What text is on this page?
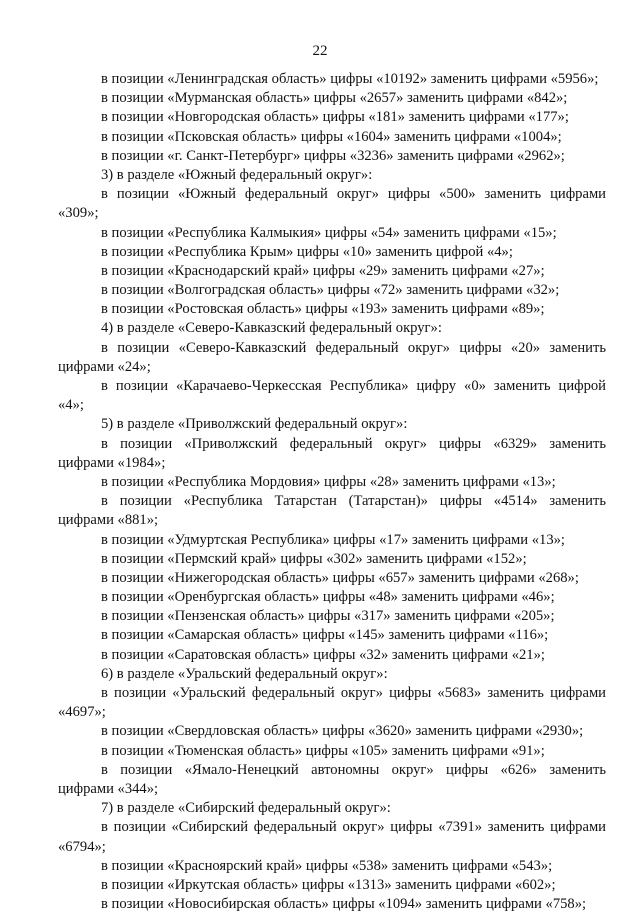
22
в позиции «Ленинградская область» цифры «10192» заменить цифрами «5956»;
в позиции «Мурманская область» цифры «2657» заменить цифрами «842»;
в позиции «Новгородская область» цифры «181» заменить цифрами «177»;
в позиции «Псковская область» цифры «1604» заменить цифрами «1004»;
в позиции «г. Санкт-Петербург» цифры «3236» заменить цифрами «2962»;
3) в разделе «Южный федеральный округ»:
в позиции «Южный федеральный округ» цифры «500» заменить цифрами
«309»;
в позиции «Республика Калмыкия» цифры «54» заменить цифрами «15»;
в позиции «Республика Крым» цифры «10» заменить цифрой «4»;
в позиции «Краснодарский край» цифры «29» заменить цифрами «27»;
в позиции «Волгоградская область» цифры «72» заменить цифрами «32»;
в позиции «Ростовская область» цифры «193» заменить цифрами «89»;
4) в разделе «Северо-Кавказский федеральный округ»:
в позиции «Северо-Кавказский федеральный округ» цифры «20» заменить
цифрами «24»;
в позиции «Карачаево-Черкесская Республика» цифру «0» заменить цифрой
«4»;
5) в разделе «Приволжский федеральный округ»:
в позиции «Приволжский федеральный округ» цифры «6329» заменить
цифрами «1984»;
в позиции «Республика Мордовия» цифры «28» заменить цифрами «13»;
в позиции «Республика Татарстан (Татарстан)» цифры «4514» заменить
цифрами «881»;
в позиции «Удмуртская Республика» цифры «17» заменить цифрами «13»;
в позиции «Пермский край» цифры «302» заменить цифрами «152»;
в позиции «Нижегородская область» цифры «657» заменить цифрами «268»;
в позиции «Оренбургская область» цифры «48» заменить цифрами «46»;
в позиции «Пензенская область» цифры «317» заменить цифрами «205»;
в позиции «Самарская область» цифры «145» заменить цифрами «116»;
в позиции «Саратовская область» цифры «32» заменить цифрами «21»;
6) в разделе «Уральский федеральный округ»:
в позиции «Уральский федеральный округ» цифры «5683» заменить цифрами
«4697»;
в позиции «Свердловская область» цифры «3620» заменить цифрами «2930»;
в позиции «Тюменская область» цифры «105» заменить цифрами «91»;
в позиции «Ямало-Ненецкий автономны округ» цифры «626» заменить
цифрами «344»;
7) в разделе «Сибирский федеральный округ»:
в позиции «Сибирский федеральный округ» цифры «7391» заменить цифрами
«6794»;
в позиции «Красноярский край» цифры «538» заменить цифрами «543»;
в позиции «Иркутская область» цифры «1313» заменить цифрами «602»;
в позиции «Новосибирская область» цифры «1094» заменить цифрами «758»;
